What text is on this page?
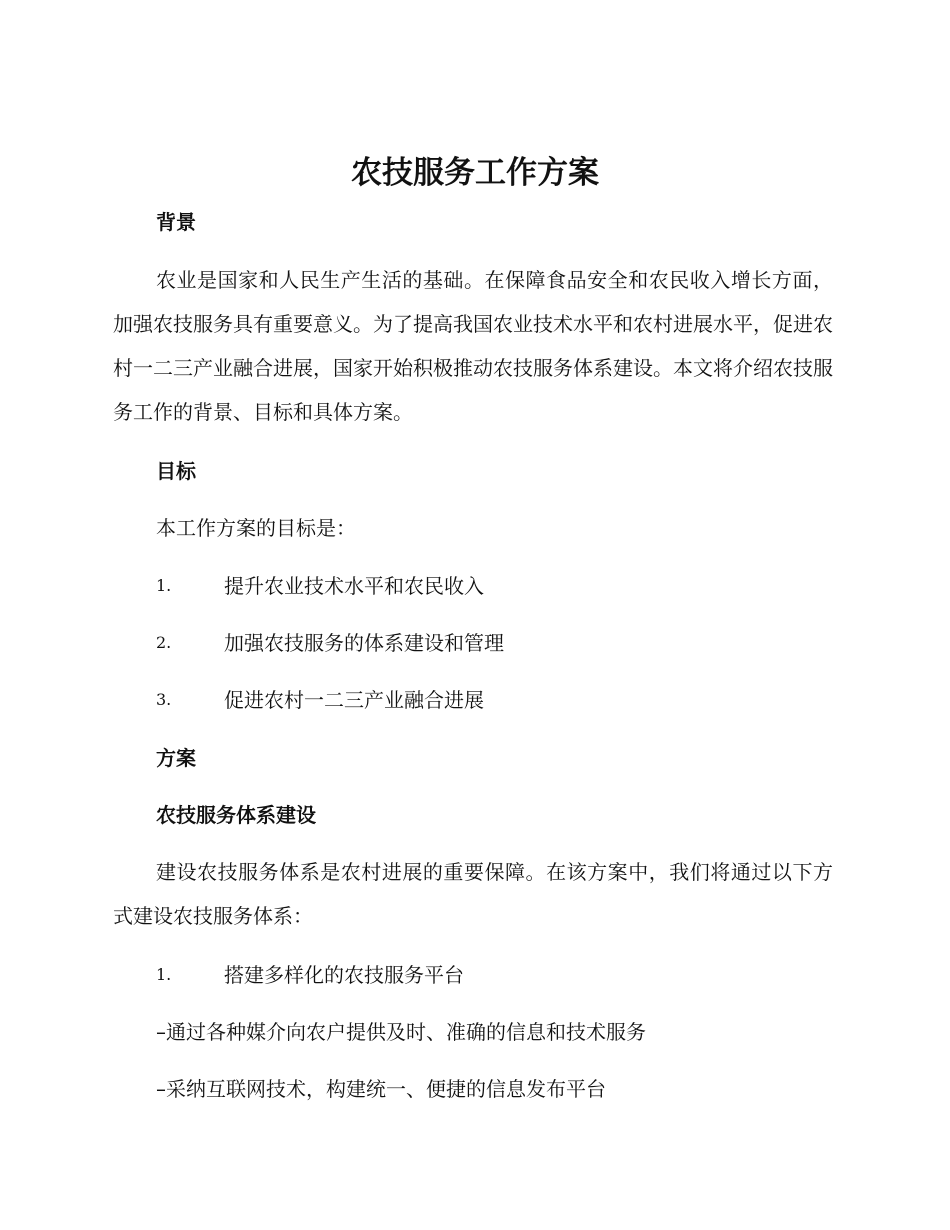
农技服务工作方案
背景

农业是国家和人民生产生活的基础。在保障食品安全和农民收入增长方面，加强农技服务具有重要意义。为了提高我国农业技术水平和农村进展水平，促进农村一二三产业融合进展，国家开始积极推动农技服务体系建设。本文将介绍农技服务工作的背景、目标和具体方案。

目标

本工作方案的目标是：

1.	提升农业技术水平和农民收入
2.	加强农技服务的体系建设和管理
3.	促进农村一二三产业融合进展
方案
农技服务体系建设

建设农技服务体系是农村进展的重要保障。在该方案中，我们将通过以下方式建设农技服务体系：

1.	搭建多样化的农技服务平台

–通过各种媒介向农户提供及时、准确的信息和技术服务

–采纳互联网技术，构建统一、便捷的信息发布平台
